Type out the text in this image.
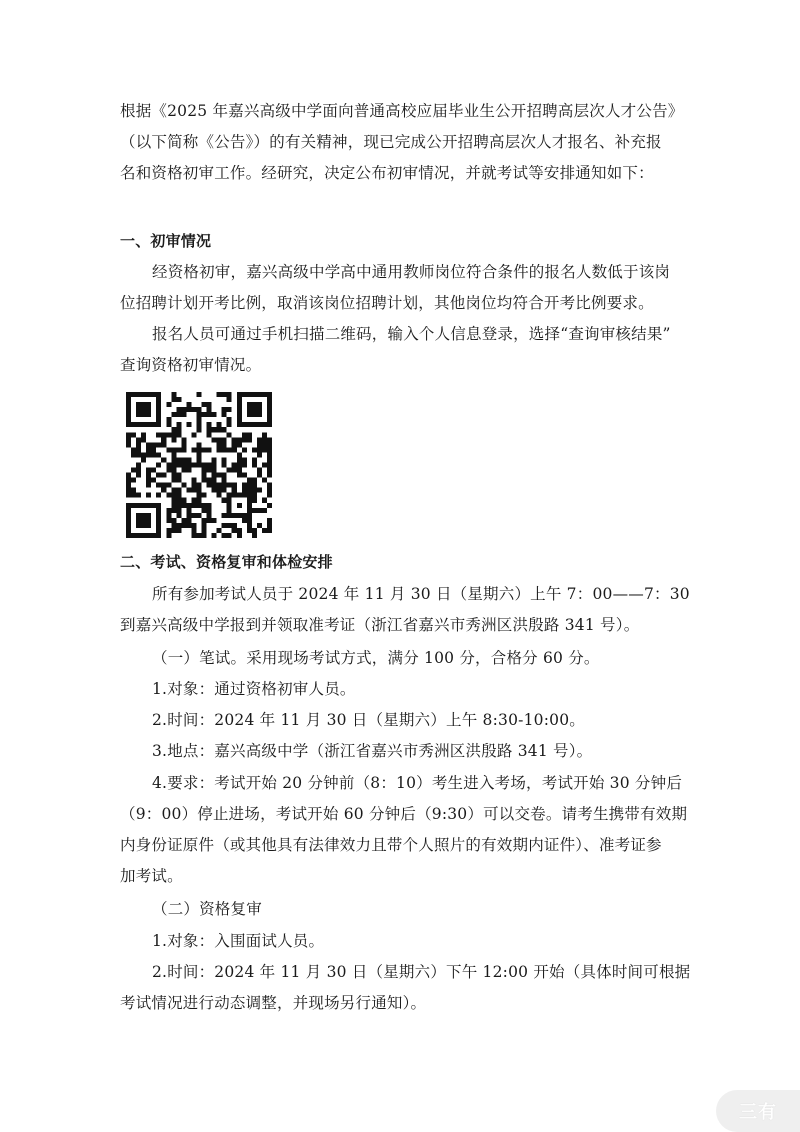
根据《2025 年嘉兴高级中学面向普通高校应届毕业生公开招聘高层次人才公告》
（以下简称《公告》）的有关精神，现已完成公开招聘高层次人才报名、补充报
名和资格初审工作。经研究，决定公布初审情况，并就考试等安排通知如下：
一、初审情况
经资格初审，嘉兴高级中学高中通用教师岗位符合条件的报名人数低于该岗
位招聘计划开考比例，取消该岗位招聘计划，其他岗位均符合开考比例要求。
报名人员可通过手机扫描二维码，输入个人信息登录，选择“查询审核结果”
查询资格初审情况。
二、考试、资格复审和体检安排
所有参加考试人员于 2024 年 11 月 30 日（星期六）上午 7：00——7：30
到嘉兴高级中学报到并领取准考证（浙江省嘉兴市秀洲区洪殷路 341 号）。
（一）笔试。采用现场考试方式，满分 100 分，合格分 60 分。
1.对象：通过资格初审人员。
2.时间：2024 年 11 月 30 日（星期六）上午 8:30-10:00。
3.地点：嘉兴高级中学（浙江省嘉兴市秀洲区洪殷路 341 号）。
4.要求：考试开始 20 分钟前（8：10）考生进入考场，考试开始 30 分钟后
（9：00）停止进场，考试开始 60 分钟后（9:30）可以交卷。请考生携带有效期
内身份证原件（或其他具有法律效力且带个人照片的有效期内证件）、准考证参
加考试。
（二）资格复审
1.对象：入围面试人员。
2.时间：2024 年 11 月 30 日（星期六）下午 12:00 开始（具体时间可根据
考试情况进行动态调整，并现场另行通知）。
三有
